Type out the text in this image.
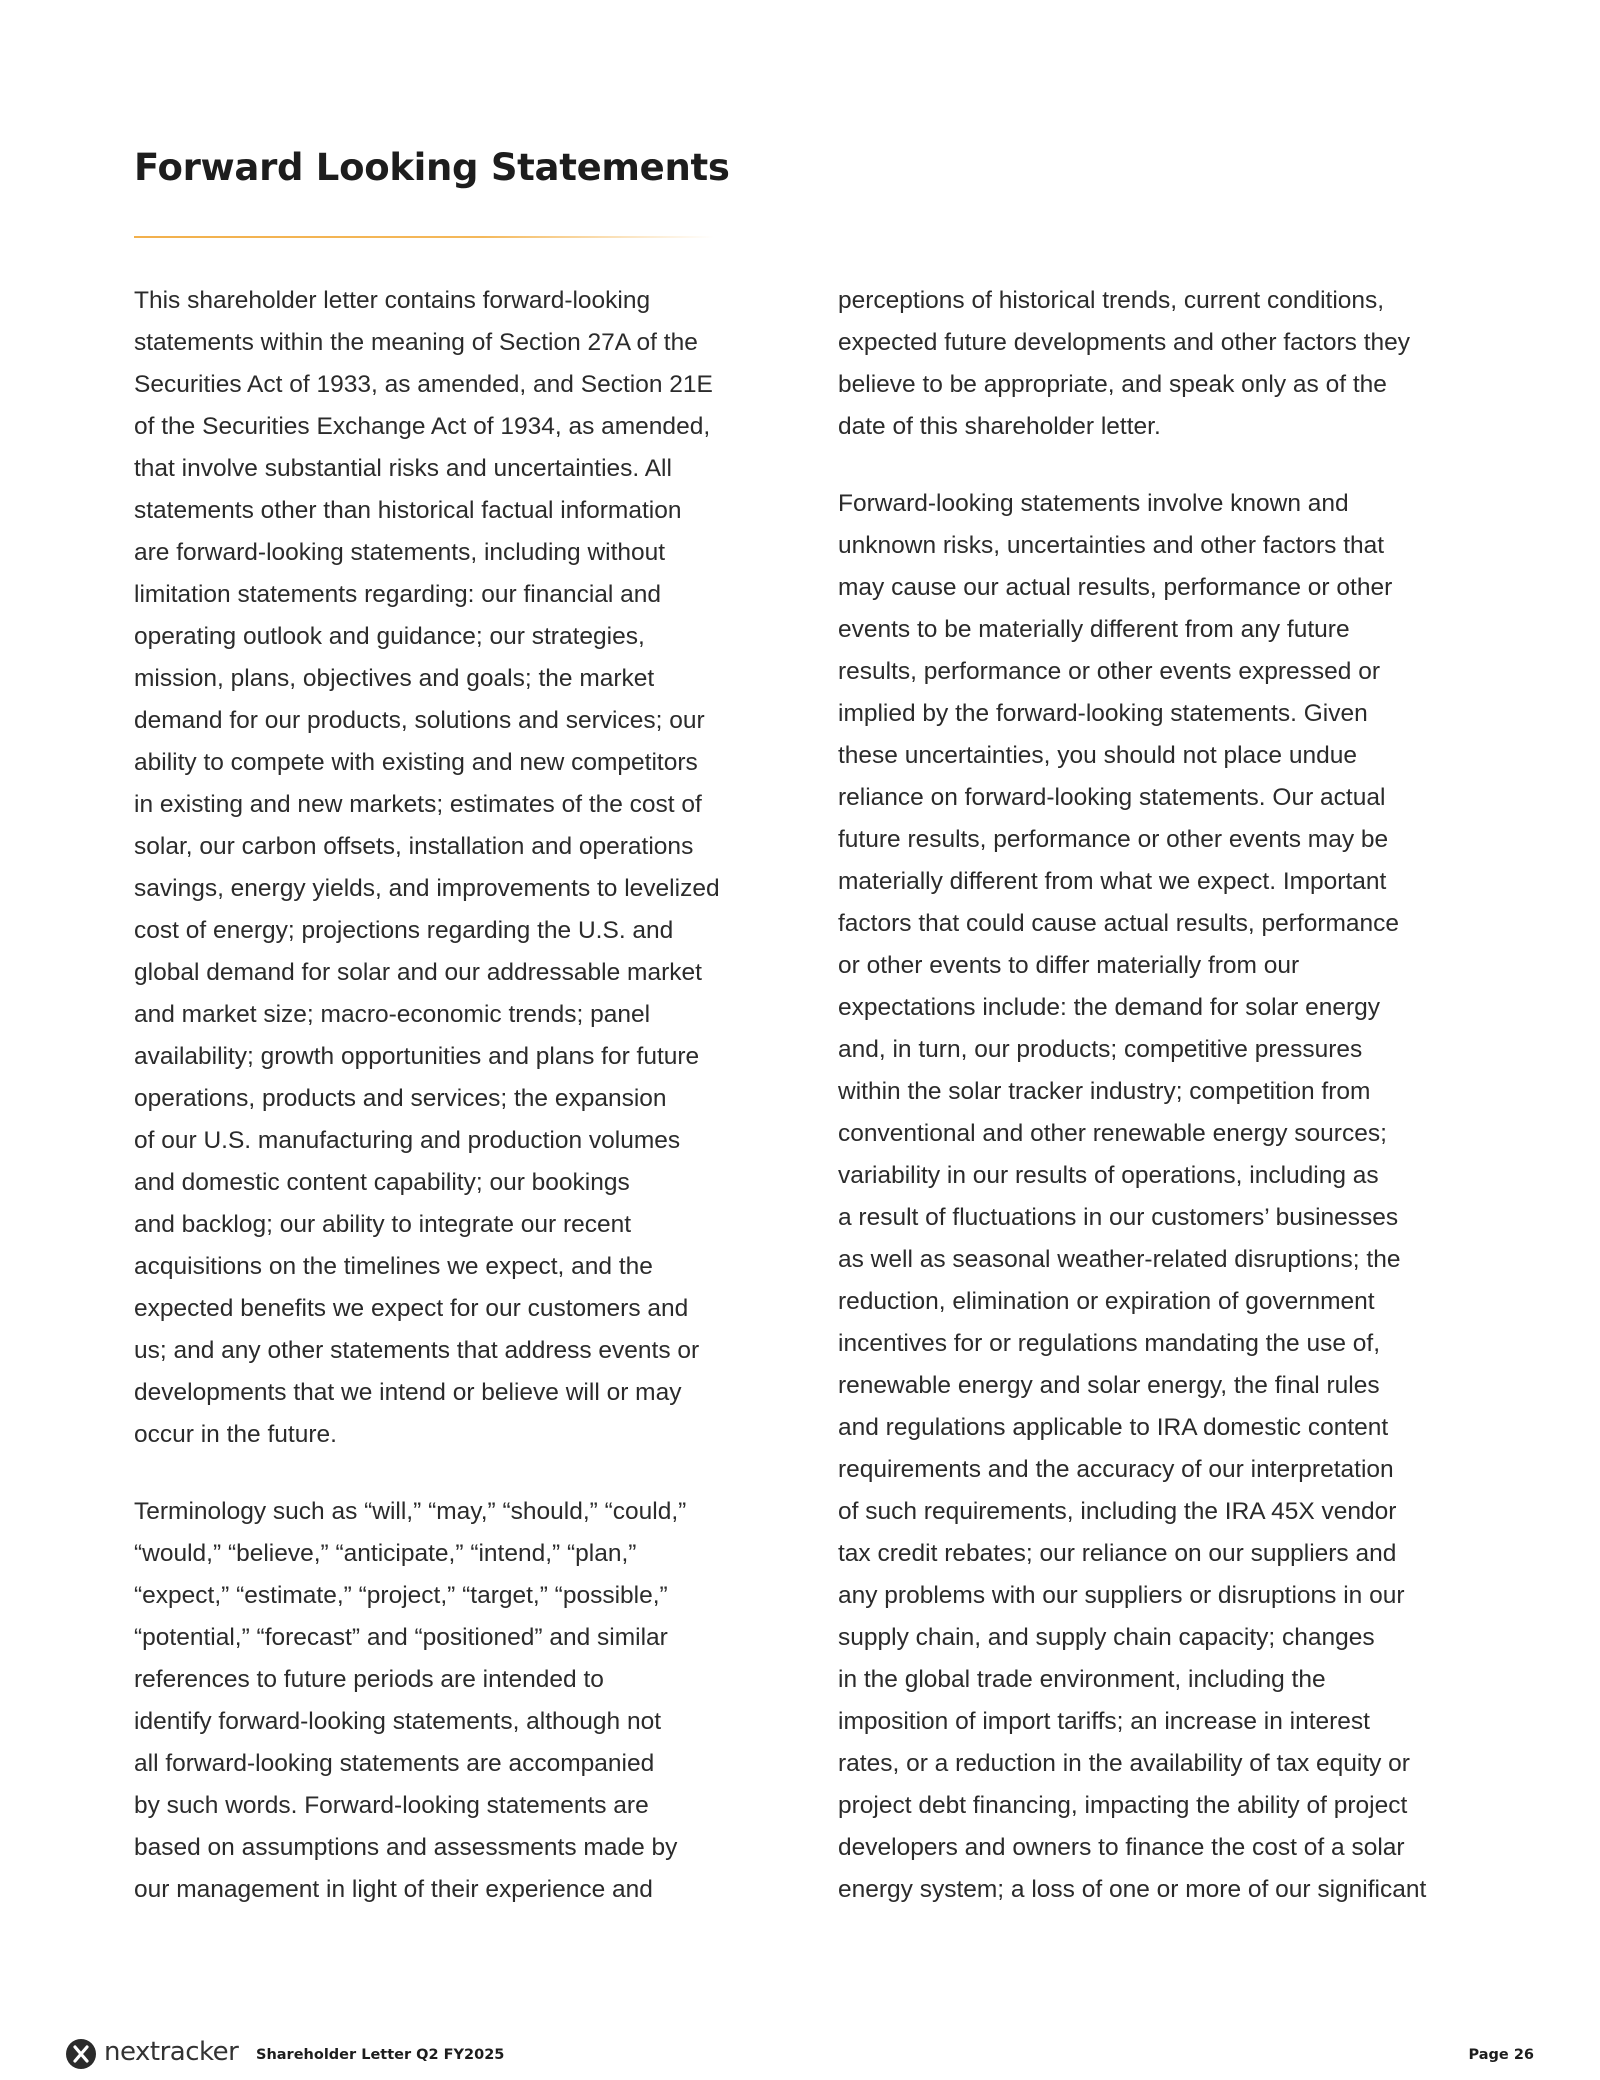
Forward Looking Statements

This shareholder letter contains forward-looking
statements within the meaning of Section 27A of the
Securities Act of 1933, as amended, and Section 21E
of the Securities Exchange Act of 1934, as amended,
that involve substantial risks and uncertainties. All
statements other than historical factual information
are forward-looking statements, including without
limitation statements regarding: our financial and
operating outlook and guidance; our strategies,
mission, plans, objectives and goals; the market
demand for our products, solutions and services; our
ability to compete with existing and new competitors
in existing and new markets; estimates of the cost of
solar, our carbon offsets, installation and operations
savings, energy yields, and improvements to levelized
cost of energy; projections regarding the U.S. and
global demand for solar and our addressable market
and market size; macro-economic trends; panel
availability; growth opportunities and plans for future
operations, products and services; the expansion
of our U.S. manufacturing and production volumes
and domestic content capability; our bookings
and backlog; our ability to integrate our recent
acquisitions on the timelines we expect, and the
expected benefits we expect for our customers and
us; and any other statements that address events or
developments that we intend or believe will or may
occur in the future.

Terminology such as “will,” “may,” “should,” “could,”
“would,” “believe,” “anticipate,” “intend,” “plan,”
“expect,” “estimate,” “project,” “target,” “possible,”
“potential,” “forecast” and “positioned” and similar
references to future periods are intended to
identify forward-looking statements, although not
all forward-looking statements are accompanied
by such words. Forward-looking statements are
based on assumptions and assessments made by
our management in light of their experience and

perceptions of historical trends, current conditions,
expected future developments and other factors they
believe to be appropriate, and speak only as of the
date of this shareholder letter.

Forward-looking statements involve known and
unknown risks, uncertainties and other factors that
may cause our actual results, performance or other
events to be materially different from any future
results, performance or other events expressed or
implied by the forward-looking statements. Given
these uncertainties, you should not place undue
reliance on forward-looking statements. Our actual
future results, performance or other events may be
materially different from what we expect. Important
factors that could cause actual results, performance
or other events to differ materially from our
expectations include: the demand for solar energy
and, in turn, our products; competitive pressures
within the solar tracker industry; competition from
conventional and other renewable energy sources;
variability in our results of operations, including as
a result of fluctuations in our customers’ businesses
as well as seasonal weather-related disruptions; the
reduction, elimination or expiration of government
incentives for or regulations mandating the use of,
renewable energy and solar energy, the final rules
and regulations applicable to IRA domestic content
requirements and the accuracy of our interpretation
of such requirements, including the IRA 45X vendor
tax credit rebates; our reliance on our suppliers and
any problems with our suppliers or disruptions in our
supply chain, and supply chain capacity; changes
in the global trade environment, including the
imposition of import tariffs; an increase in interest
rates, or a reduction in the availability of tax equity or
project debt financing, impacting the ability of project
developers and owners to finance the cost of a solar
energy system; a loss of one or more of our significant

nextracker Shareholder Letter Q2 FY2025	Page 26
